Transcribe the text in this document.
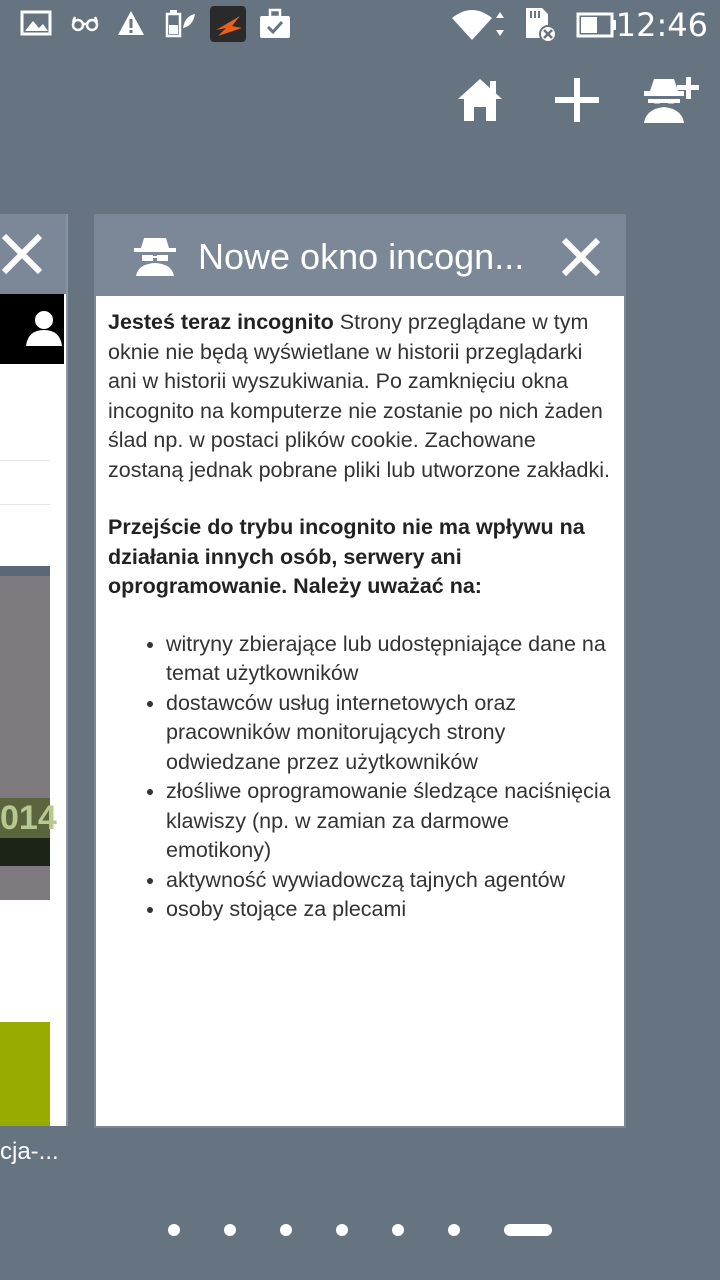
12:46
014
cja-...
Nowe okno incogn...

Jesteś teraz incognito Strony przeglądane w tym oknie nie będą wyświetlane w historii przeglądarki ani w historii wyszukiwania. Po zamknięciu okna incognito na komputerze nie zostanie po nich żaden ślad np. w postaci plików cookie. Zachowane zostaną jednak pobrane pliki lub utworzone zakładki.

Przejście do trybu incognito nie ma wpływu na działania innych osób, serwery ani oprogramowanie. Należy uważać na:

• witryny zbierające lub udostępniające dane na temat użytkowników
• dostawców usług internetowych oraz pracowników monitorujących strony odwiedzane przez użytkowników
• złośliwe oprogramowanie śledzące naciśnięcia klawiszy (np. w zamian za darmowe emotikony)
• aktywność wywiadowczą tajnych agentów
• osoby stojące za plecami
